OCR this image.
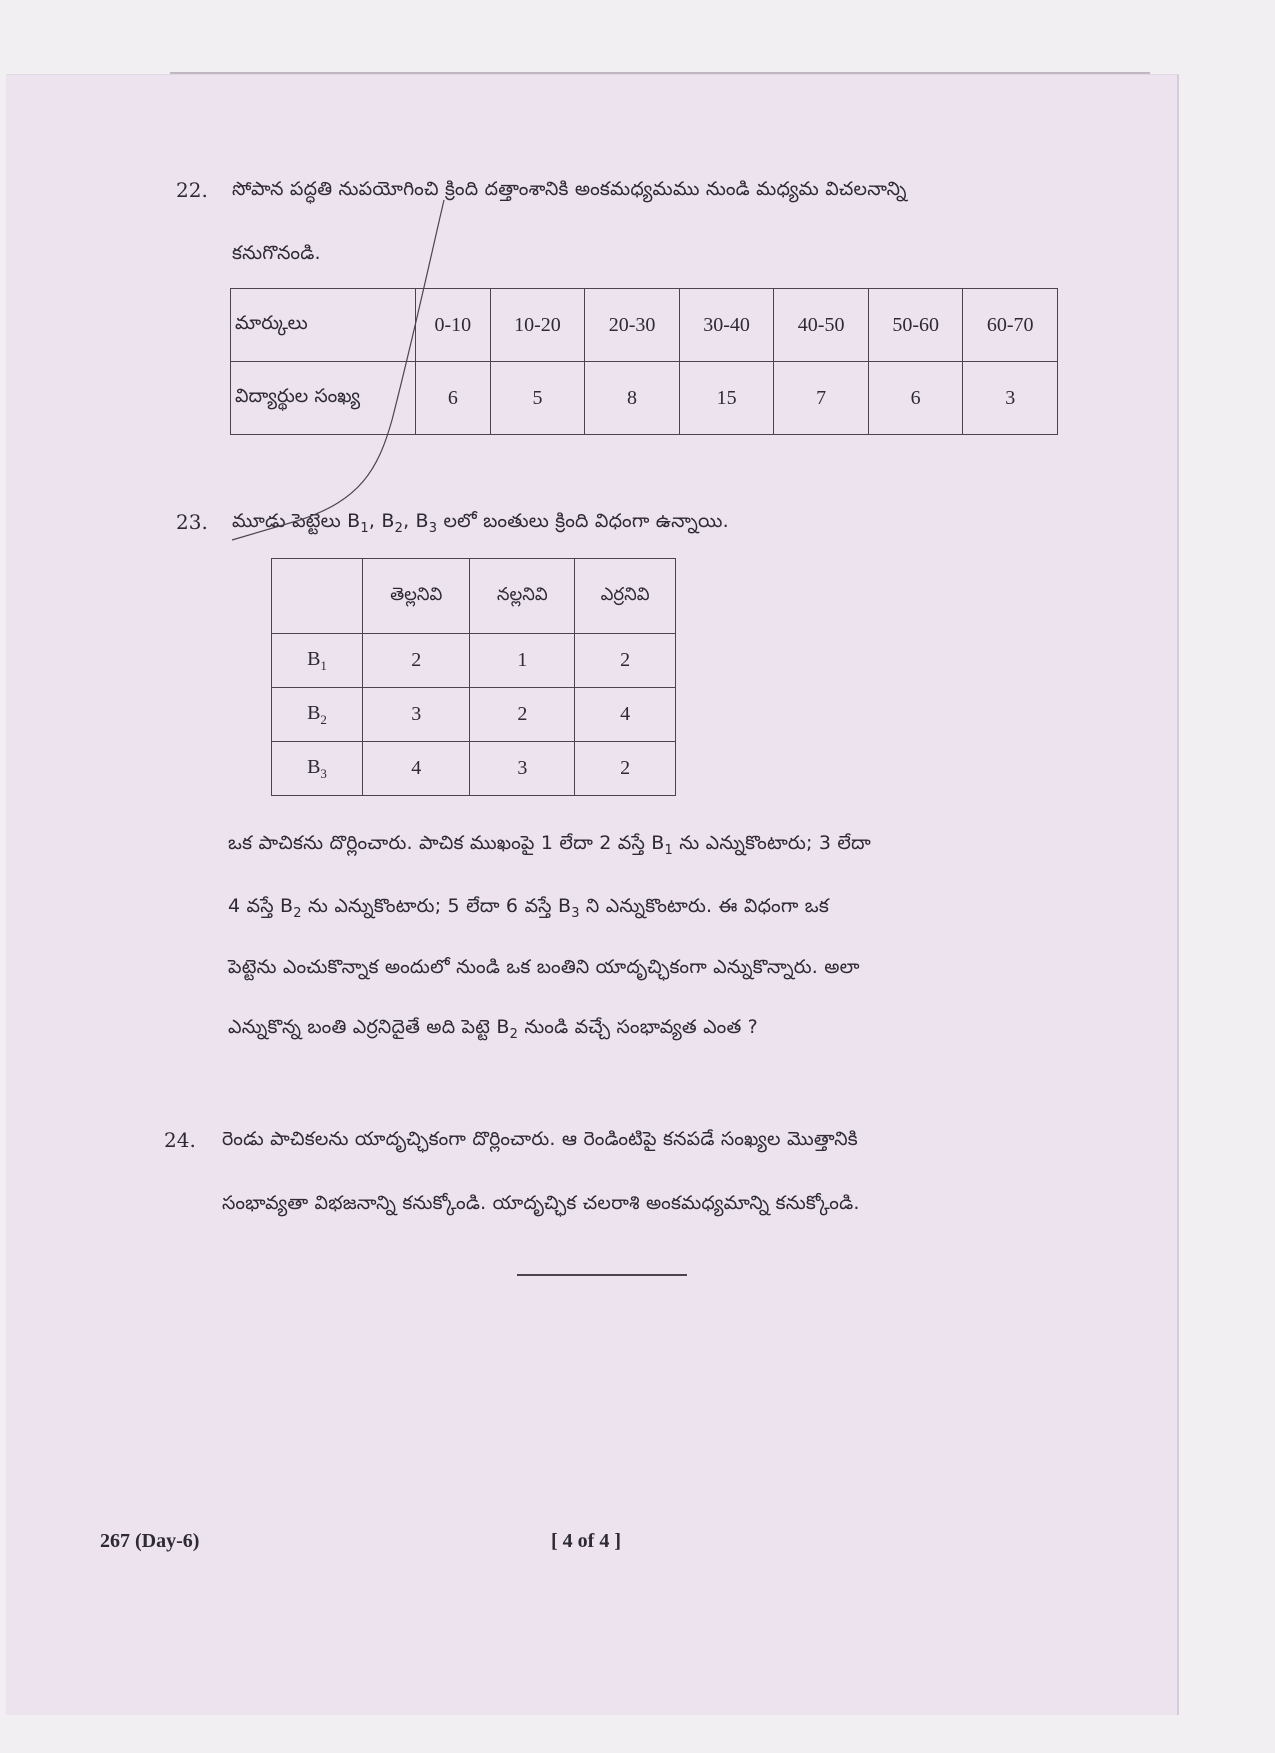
22. సోపాన పద్ధతి నుపయోగించి క్రింది దత్తాంశానికి అంకమధ్యమము నుండి మధ్యమ విచలనాన్ని
కనుగొనండి.
మార్కులు	0-10	10-20	20-30	30-40	40-50	50-60	60-70
విద్యార్థుల సంఖ్య	6	5	8	15	7	6	3
23. మూడు పెట్టెలు $B_1$, $B_2$, $B_3$ లలో బంతులు క్రింది విధంగా ఉన్నాయి.
	తెల్లనివి	నల్లనివి	ఎర్రనివి
$B_1$	2	1	2
$B_2$	3	2	4
$B_3$	4	3	2
ఒక పాచికను దొర్లించారు. పాచిక ముఖంపై 1 లేదా 2 వస్తే $B_1$ ను ఎన్నుకొంటారు; 3 లేదా
4 వస్తే $B_2$ ను ఎన్నుకొంటారు; 5 లేదా 6 వస్తే $B_3$ ని ఎన్నుకొంటారు. ఈ విధంగా ఒక
పెట్టెను ఎంచుకొన్నాక అందులో నుండి ఒక బంతిని యాదృచ్ఛికంగా ఎన్నుకొన్నారు. అలా
ఎన్నుకొన్న బంతి ఎర్రనిదైతే అది పెట్టె $B_2$ నుండి వచ్చే సంభావ్యత ఎంత ?
24. రెండు పాచికలను యాదృచ్ఛికంగా దొర్లించారు. ఆ రెండింటిపై కనపడే సంఖ్యల మొత్తానికి
సంభావ్యతా విభజనాన్ని కనుక్కోండి. యాదృచ్ఛిక చలరాశి అంకమధ్యమాన్ని కనుక్కోండి.
267 (Day-6)	[ 4 of 4 ]
